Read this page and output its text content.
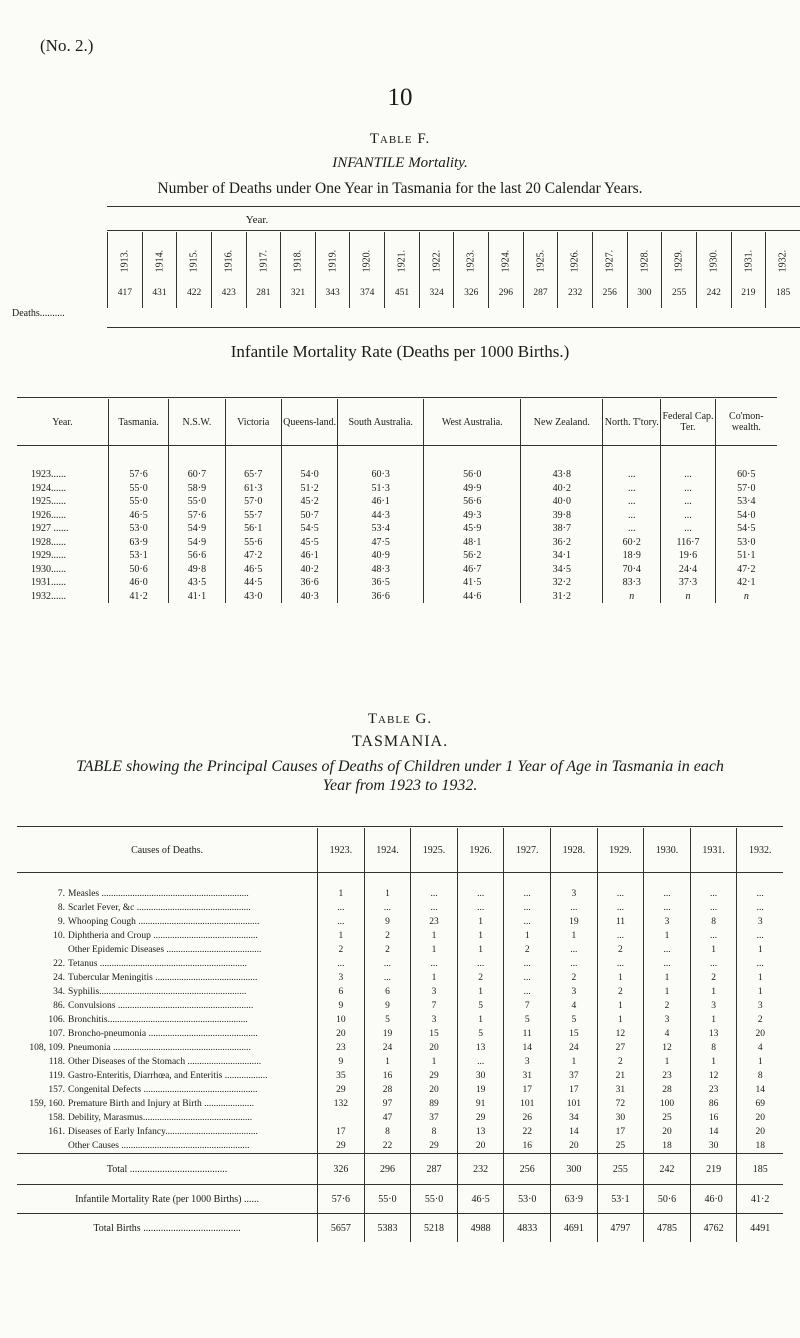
(No. 2.)
10
Table F.
INFANTILE Mortality.
Number of Deaths under One Year in Tasmania for the last 20 Calendar Years.
Year.
Deaths..........
1913.	1914.	1915.	1916.	1917.	1918.	1919.	1920.	1921.	1922.	1923.	1924.	1925.	1926.	1927.	1928.	1929.	1930.	1931.	1932.

417	431	422	423	281	321	343	374	451	324	326	296	287	232	256	300	255	242	219	185
Infantile Mortality Rate (Deaths per 1000 Births.)
Year.	Tasmania.	N.S.W.	Victoria	Queens-land.	South Australia.	West Australia.	New Zealand.	North. T'tory.	Federal Cap. Ter.	Co'mon-wealth.
1923......	57·6	60·7	65·7	54·0	60·3	56·0	43·8	...	...	60·5
1924......	55·0	58·9	61·3	51·2	51·3	49·9	40·2	...	...	57·0
1925......	55·0	55·0	57·0	45·2	46·1	56·6	40·0	...	...	53·4
1926......	46·5	57·6	55·7	50·7	44·3	49·3	39·8	...	...	54·0
1927 ......	53·0	54·9	56·1	54·5	53·4	45·9	38·7	...	...	54·5
1928......	63·9	54·9	55·6	45·5	47·5	48·1	36·2	60·2	116·7	53·0
1929......	53·1	56·6	47·2	46·1	40·9	56·2	34·1	18·9	19·6	51·1
1930......	50·6	49·8	46·5	40·2	48·3	46·7	34·5	70·4	24·4	47·2
1931......	46·0	43·5	44·5	36·6	36·5	41·5	32·2	83·3	37·3	42·1
1932......	41·2	41·1	43·0	40·3	36·6	44·6	31·2	n	n	n
Table G.
TASMANIA.
TABLE showing the Principal Causes of Deaths of Children under 1 Year of Age in Tasmania in each Year from 1923 to 1932.
Causes of Deaths.		1923.	1924.	1925.	1926.	1927.	1928.	1929.	1930.	1931.	1932.
7.	Measles ..............................................................	1	1	...	...	...	3	...	...	...	...
8.	Scarlet Fever, &c ................................................	...	...	...	...	...	...	...	...	...	...
9.	Whooping Cough ...................................................	...	9	23	1	...	19	11	3	8	3
10.	Diphtheria and Croup ............................................	1	2	1	1	1	1	...	1	...	...
	Other Epidemic Diseases ........................................	2	2	1	1	2	...	2	...	1	1
22.	Tetanus ..............................................................	...	...	...	...	...	...	...	...	...	...
24.	Tubercular Meningitis ...........................................	3	...	1	2	...	2	1	1	2	1
34.	Syphilis..............................................................	6	6	3	1	...	3	2	1	1	1
86.	Convulsions .........................................................	9	9	7	5	7	4	1	2	3	3
106.	Bronchitis...........................................................	10	5	3	1	5	5	1	3	1	2
107.	Broncho-pneumonia ..............................................	20	19	15	5	11	15	12	4	13	20
108, 109.	Pneumonia ..........................................................	23	24	20	13	14	24	27	12	8	4
118.	Other Diseases of the Stomach ...............................	9	1	1	...	3	1	2	1	1	1
119.	Gastro-Enteritis, Diarrhœa, and Enteritis ..................	35	16	29	30	31	37	21	23	12	8
157.	Congenital Defects ................................................	29	28	20	19	17	17	31	28	23	14
159, 160.	Premature Birth and Injury at Birth .....................	132	97	89	91	101	101	72	100	86	69
158.	Debility, Marasmus..............................................		47	37	29	26	34	30	25	16	20
161.	Diseases of Early Infancy.......................................	17	8	8	13	22	14	17	20	14	20
	Other Causes ......................................................	29	22	29	20	16	20	25	18	30	18
Total .......................................		326	296	287	232	256	300	255	242	219	185
Infantile Mortality Rate (per 1000 Births) ......		57·6	55·0	55·0	46·5	53·0	63·9	53·1	50·6	46·0	41·2
Total Births .......................................		5657	5383	5218	4988	4833	4691	4797	4785	4762	4491
